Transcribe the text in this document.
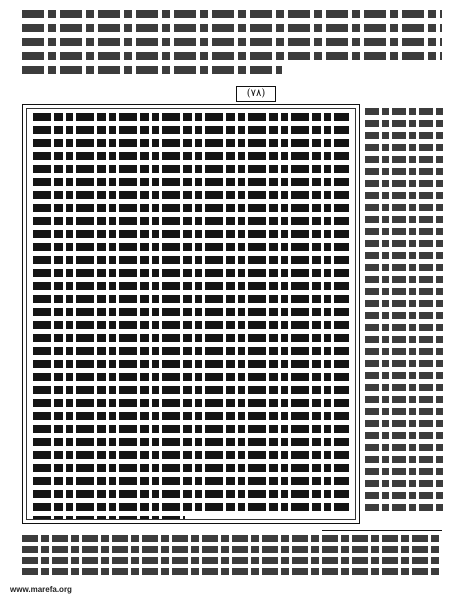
(٧٨)
www.marefa.org
